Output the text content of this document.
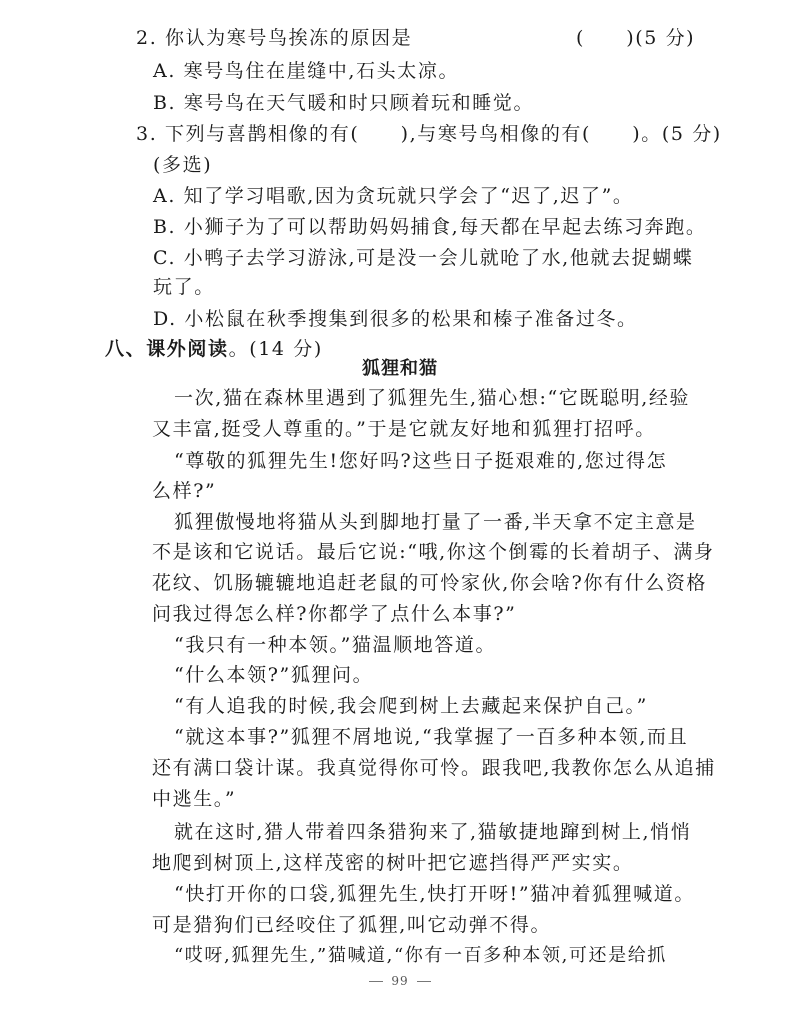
2. 你认为寒号鸟挨冻的原因是	(　　)(5 分)
A. 寒号鸟住在崖缝中,石头太凉。
B. 寒号鸟在天气暖和时只顾着玩和睡觉。
3. 下列与喜鹊相像的有(　　),与寒号鸟相像的有(　　)。(5 分)
(多选)
A. 知了学习唱歌,因为贪玩就只学会了“迟了,迟了”。
B. 小狮子为了可以帮助妈妈捕食,每天都在早起去练习奔跑。
C. 小鸭子去学习游泳,可是没一会儿就呛了水,他就去捉蝴蝶
玩了。
D. 小松鼠在秋季搜集到很多的松果和榛子准备过冬。
八、课外阅读。(14 分)
狐狸和猫
一次,猫在森林里遇到了狐狸先生,猫心想:“它既聪明,经验
又丰富,挺受人尊重的。”于是它就友好地和狐狸打招呼。
“尊敬的狐狸先生!您好吗?这些日子挺艰难的,您过得怎
么样?”
狐狸傲慢地将猫从头到脚地打量了一番,半天拿不定主意是
不是该和它说话。最后它说:“哦,你这个倒霉的长着胡子、满身
花纹、饥肠辘辘地追赶老鼠的可怜家伙,你会啥?你有什么资格
问我过得怎么样?你都学了点什么本事?”
“我只有一种本领。”猫温顺地答道。
“什么本领?”狐狸问。
“有人追我的时候,我会爬到树上去藏起来保护自己。”
“就这本事?”狐狸不屑地说,“我掌握了一百多种本领,而且
还有满口袋计谋。我真觉得你可怜。跟我吧,我教你怎么从追捕
中逃生。”
就在这时,猎人带着四条猎狗来了,猫敏捷地蹿到树上,悄悄
地爬到树顶上,这样茂密的树叶把它遮挡得严严实实。
“快打开你的口袋,狐狸先生,快打开呀!”猫冲着狐狸喊道。
可是猎狗们已经咬住了狐狸,叫它动弹不得。
“哎呀,狐狸先生,”猫喊道,“你有一百多种本领,可还是给抓
99
